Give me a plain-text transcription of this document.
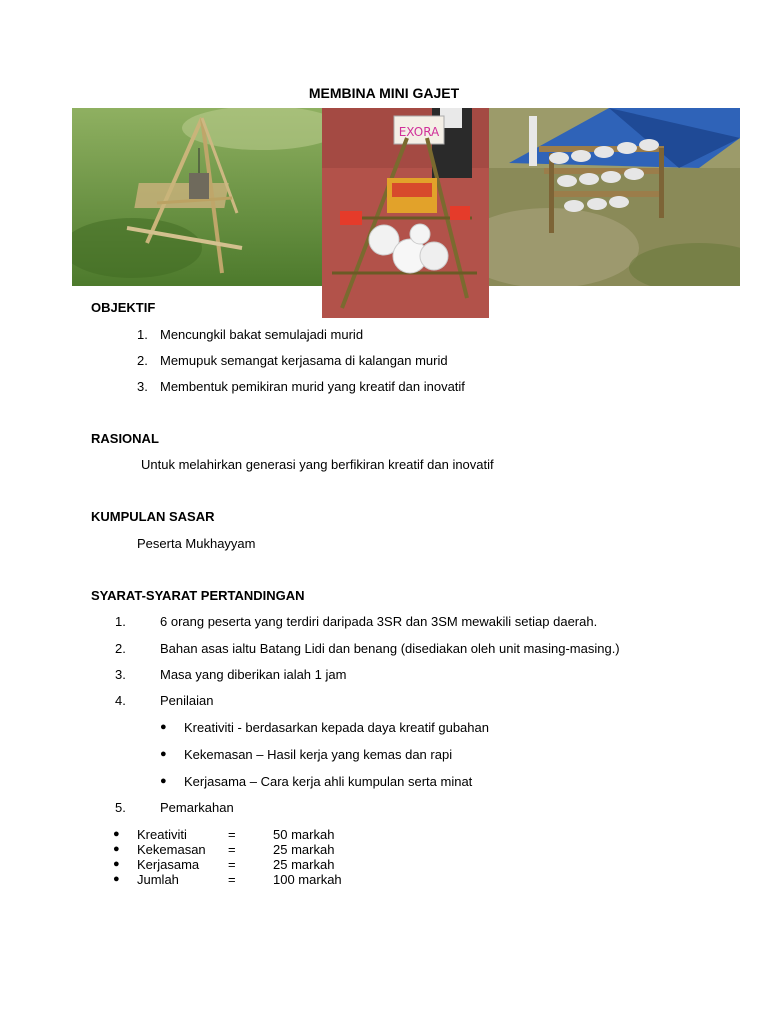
MEMBINA MINI GAJET
EXORA
OBJEKTIF
1. Mencungkil bakat semulajadi murid
2. Memupuk semangat kerjasama di kalangan murid
3. Membentuk pemikiran murid yang kreatif dan inovatif
RASIONAL
Untuk melahirkan generasi yang berfikiran kreatif dan inovatif
KUMPULAN SASAR
Peserta Mukhayyam
SYARAT-SYARAT PERTANDINGAN
1.	6 orang peserta yang terdiri daripada 3SR dan 3SM mewakili setiap daerah.
2.	Bahan asas ialtu Batang Lidi dan benang (disediakan oleh unit masing-masing.)
3.	Masa yang diberikan ialah 1 jam
4.	Penilaian
● Kreativiti - berdasarkan kepada daya kreatif gubahan
● Kekemasan – Hasil kerja yang kemas dan rapi
● Kerjasama – Cara kerja ahli kumpulan serta minat
5.	Pemarkahan
● Kreativiti	=	50 markah
● Kekemasan =	25 markah
● Kerjasama =	25 markah
● Jumlah	=	100 markah
